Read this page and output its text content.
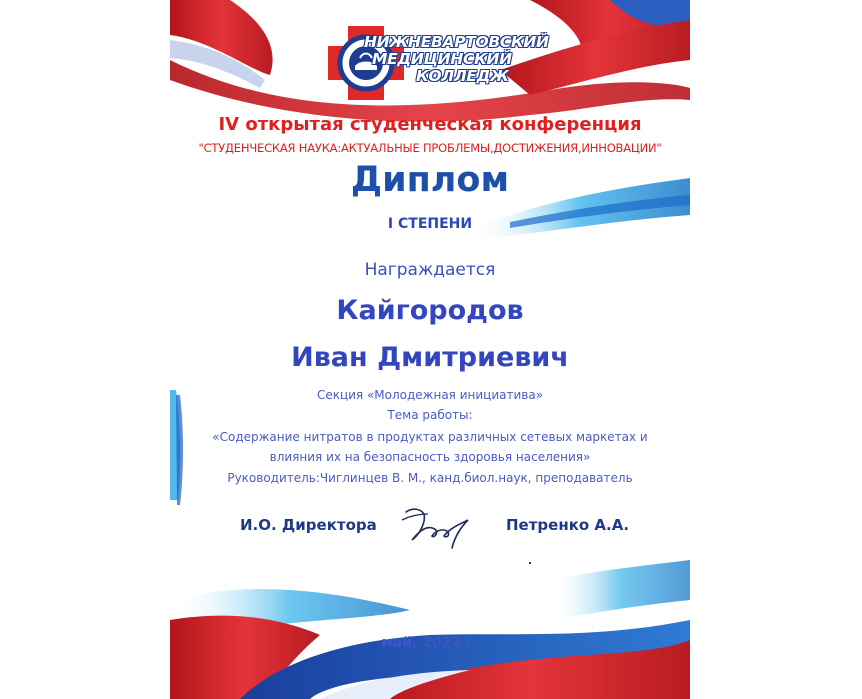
НИЖНЕВАРТОВСКИЙ
МЕДИЦИНСКИЙ
КОЛЛЕДЖ
IV открытая студенческая конференция
"СТУДЕНЧЕСКАЯ НАУКА:АКТУАЛЬНЫЕ ПРОБЛЕМЫ,ДОСТИЖЕНИЯ,ИННОВАЦИИ"
Диплом
I СТЕПЕНИ
Награждается
Кайгородов
Иван Дмитриевич
Секция «Молодежная инициатива»
Тема работы:
«Содержание нитратов в продуктах различных сетевых маркетах и
влияния их на безопасность здоровья населения»
Руководитель:Чиглинцев В. М., канд.биол.наук, преподаватель
И.О. Директора	Петренко А.А.
май, 2022 г.
